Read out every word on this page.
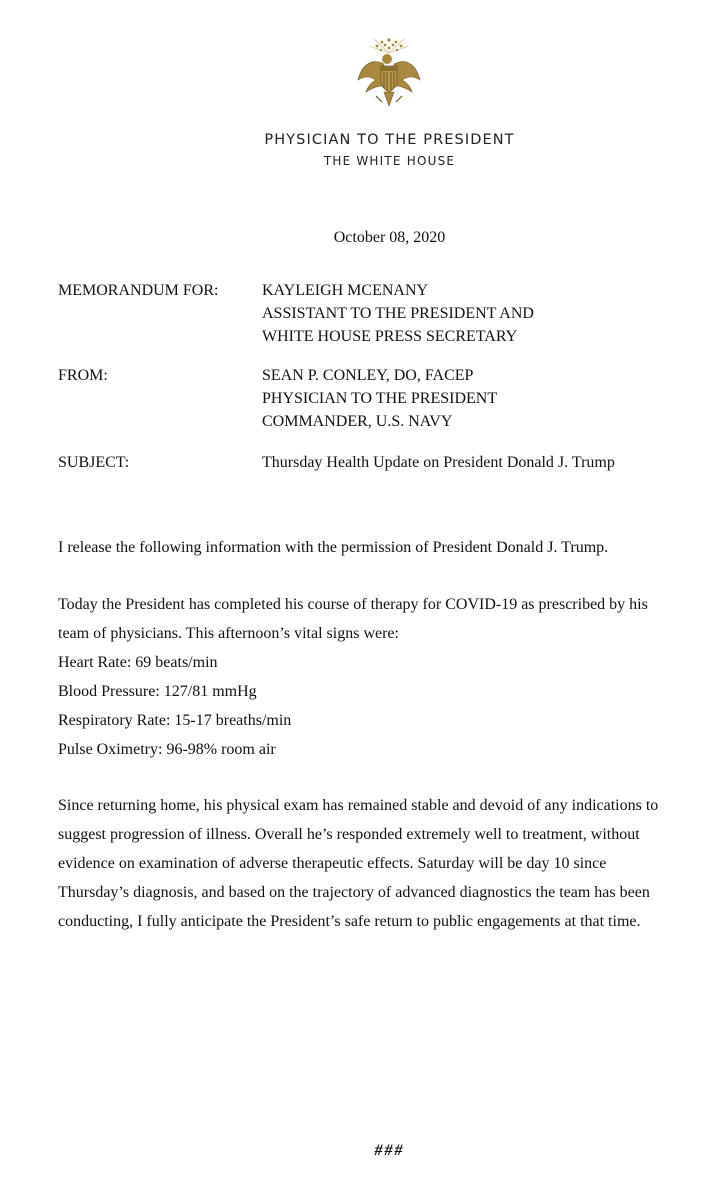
PHYSICIAN TO THE PRESIDENT
THE WHITE HOUSE
October 08, 2020
MEMORANDUM FOR:	KAYLEIGH MCENANY
ASSISTANT TO THE PRESIDENT AND
WHITE HOUSE PRESS SECRETARY
FROM:	SEAN P. CONLEY, DO, FACEP
PHYSICIAN TO THE PRESIDENT
COMMANDER, U.S. NAVY
SUBJECT:	Thursday Health Update on President Donald J. Trump
I release the following information with the permission of President Donald J. Trump.
Today the President has completed his course of therapy for COVID-19 as prescribed by his
team of physicians. This afternoon’s vital signs were:
Heart Rate: 69 beats/min
Blood Pressure: 127/81 mmHg
Respiratory Rate: 15-17 breaths/min
Pulse Oximetry: 96-98% room air
Since returning home, his physical exam has remained stable and devoid of any indications to
suggest progression of illness. Overall he’s responded extremely well to treatment, without
evidence on examination of adverse therapeutic effects. Saturday will be day 10 since
Thursday’s diagnosis, and based on the trajectory of advanced diagnostics the team has been
conducting, I fully anticipate the President’s safe return to public engagements at that time.
###
